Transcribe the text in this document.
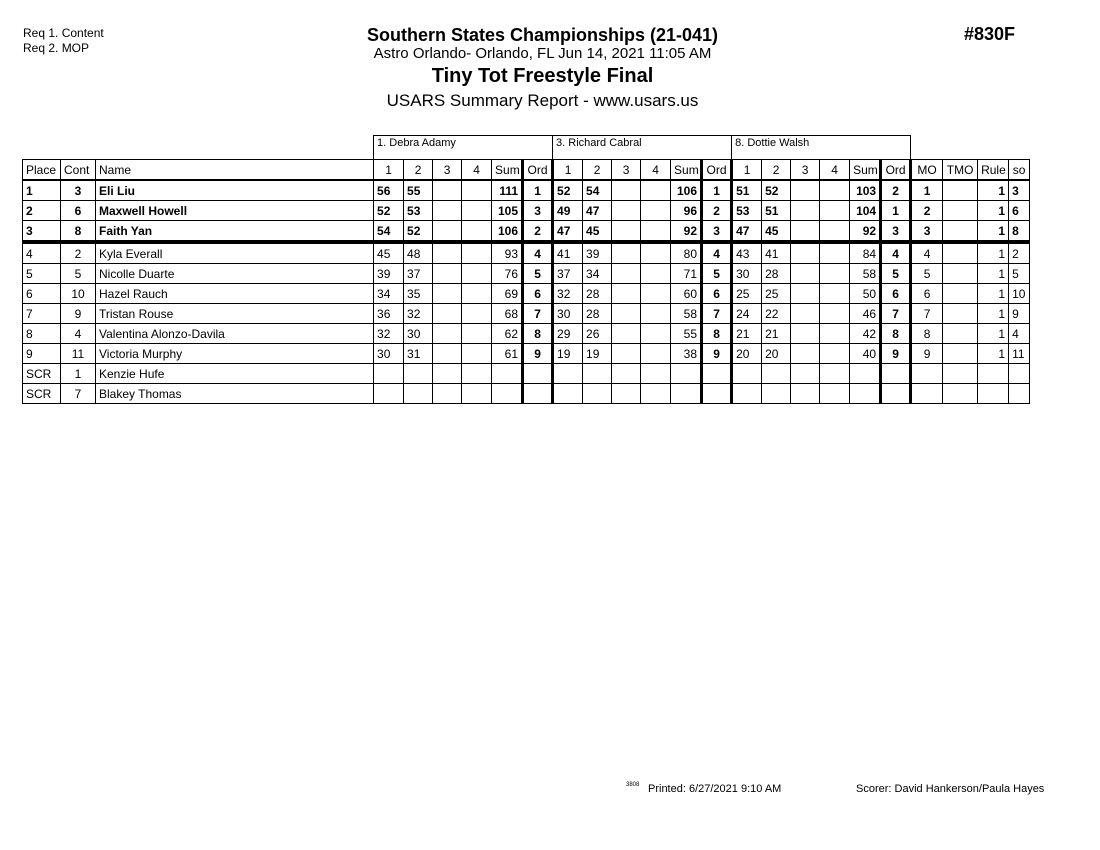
Req 1. Content
Req 2. MOP
Southern States Championships (21-041)
Astro Orlando- Orlando, FL Jun 14, 2021 11:05 AM
Tiny Tot Freestyle Final
USARS Summary Report - www.usars.us
#830F
			1. Debra Adamy						3. Richard Cabral						8. Dottie Walsh									
Place	Cont	Name	1	2	3	4	Sum	Ord	1	2	3	4	Sum	Ord	1	2	3	4	Sum	Ord	MO	TMO	Rule	so
1	3	Eli Liu	56	55			111	1	52	54			106	1	51	52			103	2	1		1	3
2	6	Maxwell Howell	52	53			105	3	49	47			96	2	53	51			104	1	2		1	6
3	8	Faith Yan	54	52			106	2	47	45			92	3	47	45			92	3	3		1	8
4	2	Kyla Everall	45	48			93	4	41	39			80	4	43	41			84	4	4		1	2
5	5	Nicolle Duarte	39	37			76	5	37	34			71	5	30	28			58	5	5		1	5
6	10	Hazel Rauch	34	35			69	6	32	28			60	6	25	25			50	6	6		1	10
7	9	Tristan Rouse	36	32			68	7	30	28			58	7	24	22			46	7	7		1	9
8	4	Valentina Alonzo-Davila	32	30			62	8	29	26			55	8	21	21			42	8	8		1	4
9	11	Victoria Murphy	30	31			61	9	19	19			38	9	20	20			40	9	9		1	11
SCR	1	Kenzie Hufe																						
SCR	7	Blakey Thomas																						
3808 Printed: 6/27/2021 9:10 AM	Scorer: David Hankerson/Paula Hayes
